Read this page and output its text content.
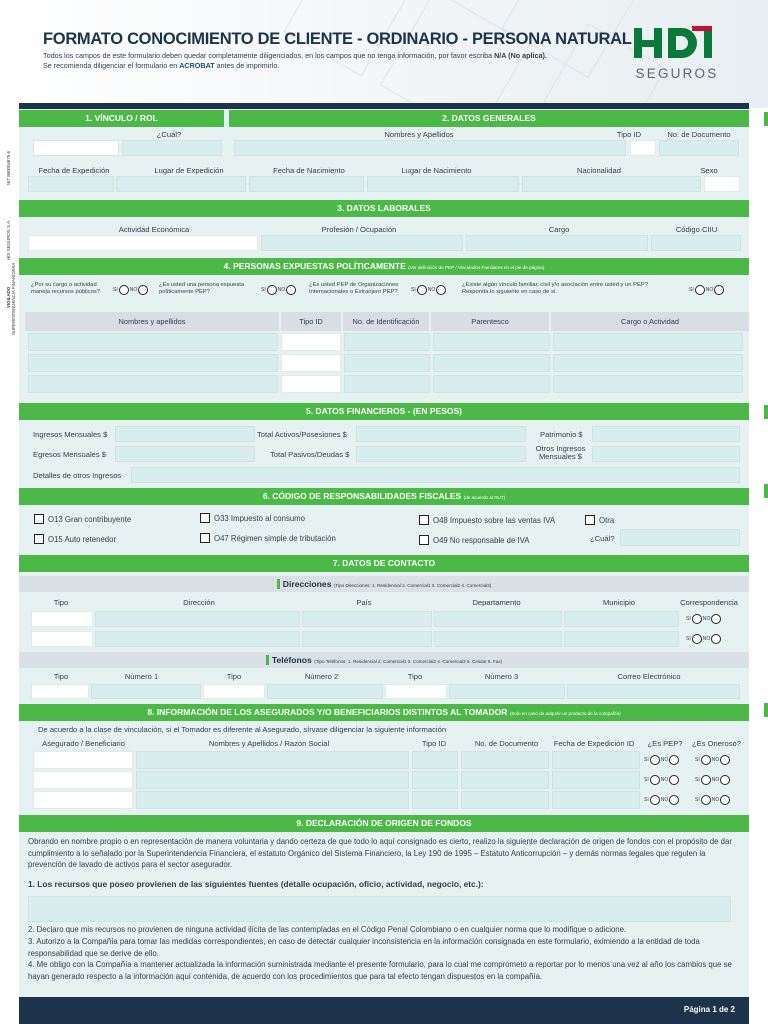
FORMATO CONOCIMIENTO DE CLIENTE - ORDINARIO - PERSONA NATURAL
Todos los campos de este formulario deben quedar completamente diligenciados, en los campos que no tenga información, por favor escriba N/A (No aplica).
Se recomienda diligenciar el formulario en ACROBAT antes de imprimirlo.
SEGUROS
NIT 860004875-6
HDI SEGUROS S.A.
VIGILADO SUPERINTENDENCIA FINANCIERA
1. VÍNCULO / ROL	2. DATOS GENERALES
¿Cuál?	Nombres y Apellidos	Tipo ID	No. de Documento
Fecha de Expedición	Lugar de Expedición	Fecha de Nacimiento	Lugar de Nacimiento	Nacionalidad	Sexo
3. DATOS LABORALES
Actividad Económica	Profesión / Ocupación	Cargo	Código CIIU
4. PERSONAS EXPUESTAS POLÍTICAMENTE (Ver definición de PEP / Vinculados Familiares en el pie de página)
¿Por su cargo o actividad
maneja recursos públicos?	SI NO
¿Es usted una persona expuesta
políticamente PEP?	SI NO
¿Es usted PEP de Organizaciones
Internacionales o Extranjero PEP?	SI NO
¿Existe algún vínculo familiar, civil y/o asociación entre usted y un PEP?
Responda lo siguiente en caso de sí.	SI NO
Nombres y apellidos	Tipo ID	No. de Identificación	Parentesco	Cargo o Actividad
5. DATOS FINANCIEROS - (EN PESOS)
Ingresos Mensuales $	Total Activos/Posesiones $	Patrimonio $
Egresos Mensuales $	Total Pasivos/Deudas $
Otros Ingresos
Mensuales $
Detalles de otros Ingresos
6. CÓDIGO DE RESPONSABILIDADES FISCALES (de acuerdo al RUT)
O13 Gran contribuyente	O33 Impuesto al consumo	O48 Impuesto sobre las ventas IVA	Otra
O15 Auto retenedor	O47 Régimen simple de tributación	O49 No responsable de IVA	¿Cuál?
7. DATOS DE CONTACTO
Direcciones (Tipo Direcciones: 1. Residencial 2. Comercial1 3. Comercial2 4. Comercial3)
Tipo	Dirección	País	Departamento	Municipio	Correspondencia
SI NO
SI NO
Teléfonos (Tipo Teléfonos: 1. Residencial 2. Comercial1 3. Comercial2 4. Comercial3 5. Celular 6. Fax)
Tipo	Número 1	Tipo	Número 2	Tipo	Número 3	Correo Electrónico
8. INFORMACIÓN DE LOS ASEGURADOS Y/O BENEFICIARIOS DISTINTOS AL TOMADOR (Solo en caso de adquirir un producto de la compañía)
De acuerdo a la clase de vinculación, si el Tomador es diferente al Asegurado, sírvase diligenciar la siguiente información
Asegurado / Beneficiario	Nombres y Apellidos / Razón Social	Tipo ID	No. de Documento	Fecha de Expedición ID	¿Es PEP?	¿Es Oneroso?
SI NO	SI NO
SI NO	SI NO
SI NO	SI NO
9. DECLARACIÓN DE ORIGEN DE FONDOS
Obrando en nombre propio o en representación de manera voluntaria y dando certeza de que todo lo aquí consignado es cierto, realizo la siguiente declaración de origen de fondos con el propósito de dar cumplimiento a lo señalado por la Superintendencia Financiera, el estatuto Orgánico del Sistema Financiero, la Ley 190 de 1995 – Estatuto Anticorrupción – y demás normas legales que regulen la prevención de lavado de activos para el sector asegurador.
1. Los recursos que poseo provienen de las siguientes fuentes (detalle ocupación, oficio, actividad, negocio, etc.):
2. Declaro que mis recursos no provienen de ninguna actividad ilícita de las contempladas en el Código Penal Colombiano o en cualquier norma que lo modifique o adicione.
3. Autorizo a la Compañía para tomar las medidas correspondientes, en caso de detectar cualquier inconsistencia en la información consignada en este formulario, eximiendo a la entidad de toda responsabilidad que se derive de ello.
4. Me obligo con la Compañía a mantener actualizada la información suministrada mediante el presente formulario, para lo cual me comprometo a reportar por lo menos una vez al año los cambios que se hayan generado respecto a la información aquí contenida, de acuerdo con los procedimientos que para tal efecto tengan dispuestos en la compañía.
Página 1 de 2
